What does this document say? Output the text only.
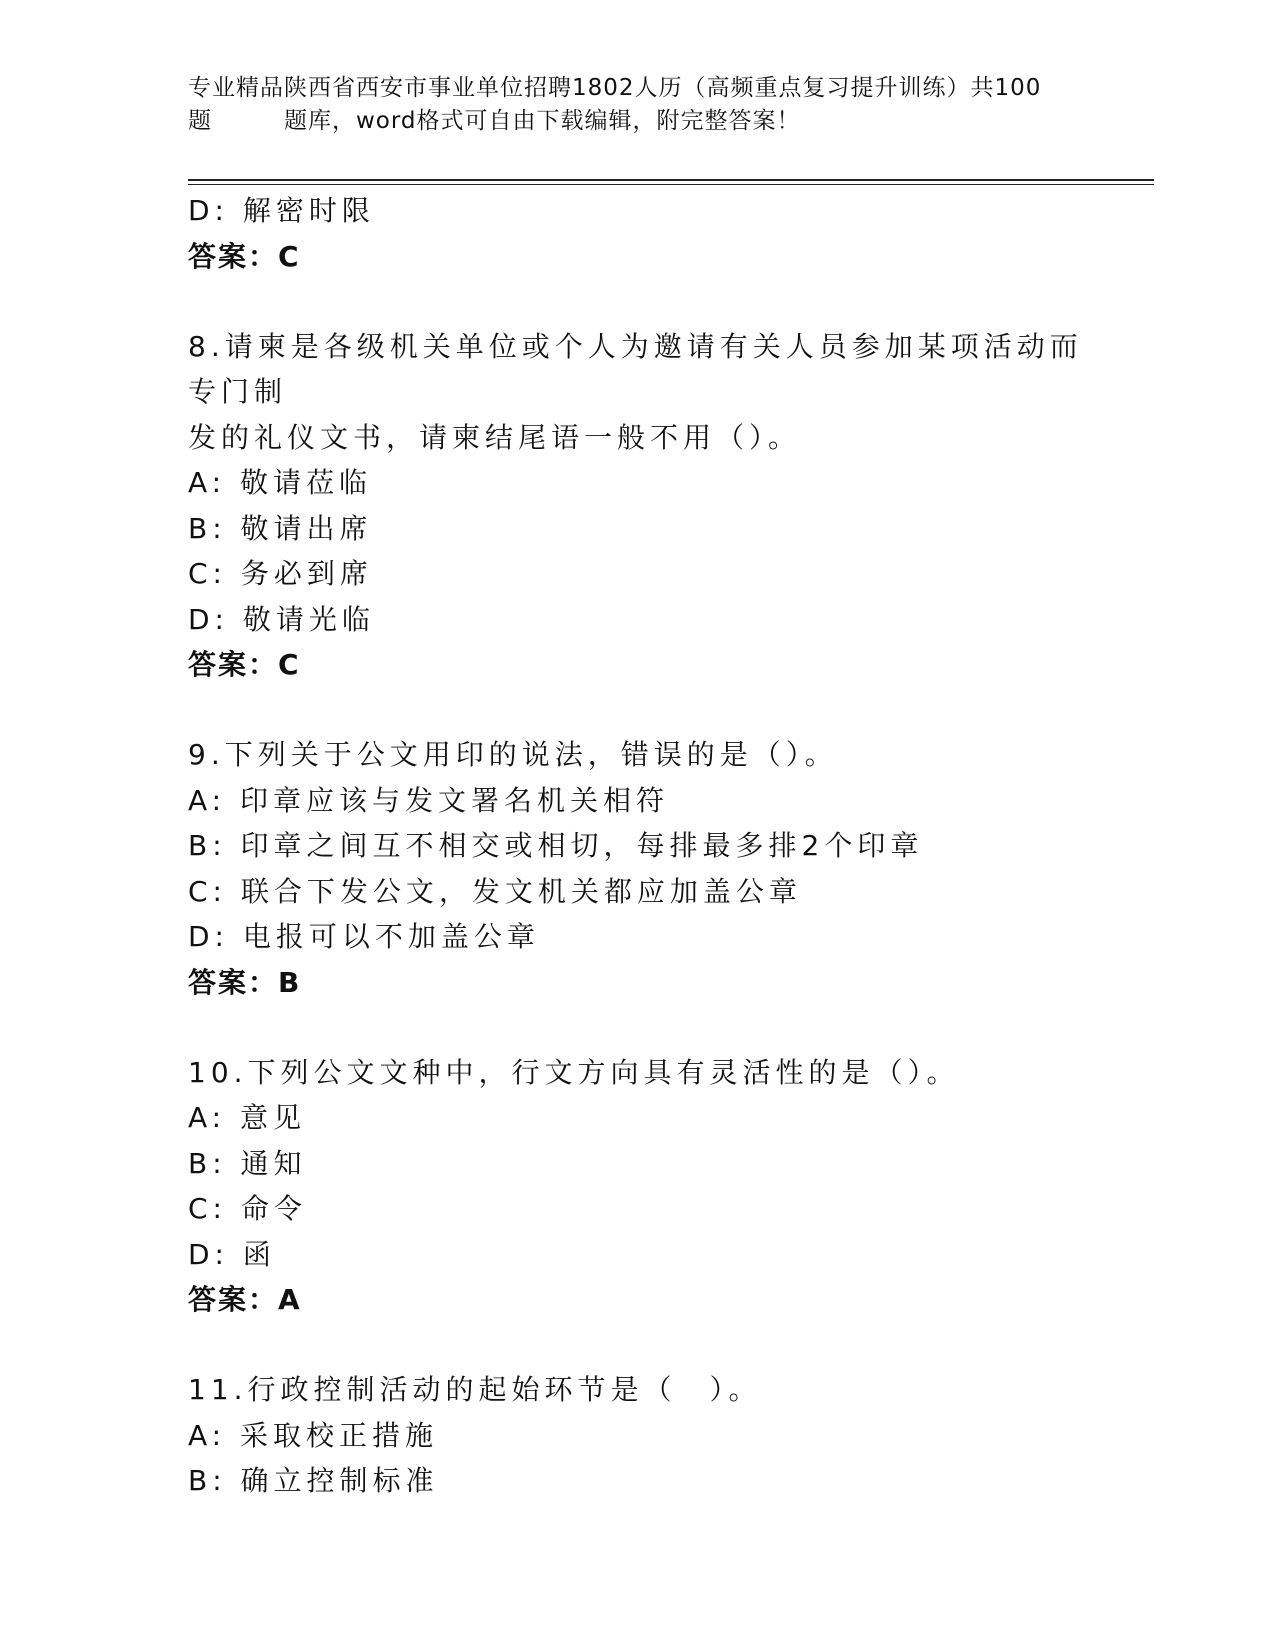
专业精品陕西省西安市事业单位招聘1802人历（高频重点复习提升训练）共100
题	题库，word格式可自由下载编辑，附完整答案！
D: 解密时限
答案：C
8.请柬是各级机关单位或个人为邀请有关人员参加某项活动而专门制
发的礼仪文书，请柬结尾语一般不用（）。
A: 敬请莅临
B: 敬请出席
C: 务必到席
D: 敬请光临
答案：C
9.下列关于公文用印的说法，错误的是（）。
A: 印章应该与发文署名机关相符
B: 印章之间互不相交或相切，每排最多排2个印章
C: 联合下发公文，发文机关都应加盖公章
D: 电报可以不加盖公章
答案：B
10.下列公文文种中，行文方向具有灵活性的是（）。
A: 意见
B: 通知
C: 命令
D: 函
答案：A
11.行政控制活动的起始环节是（　）。
A: 采取校正措施
B: 确立控制标准
